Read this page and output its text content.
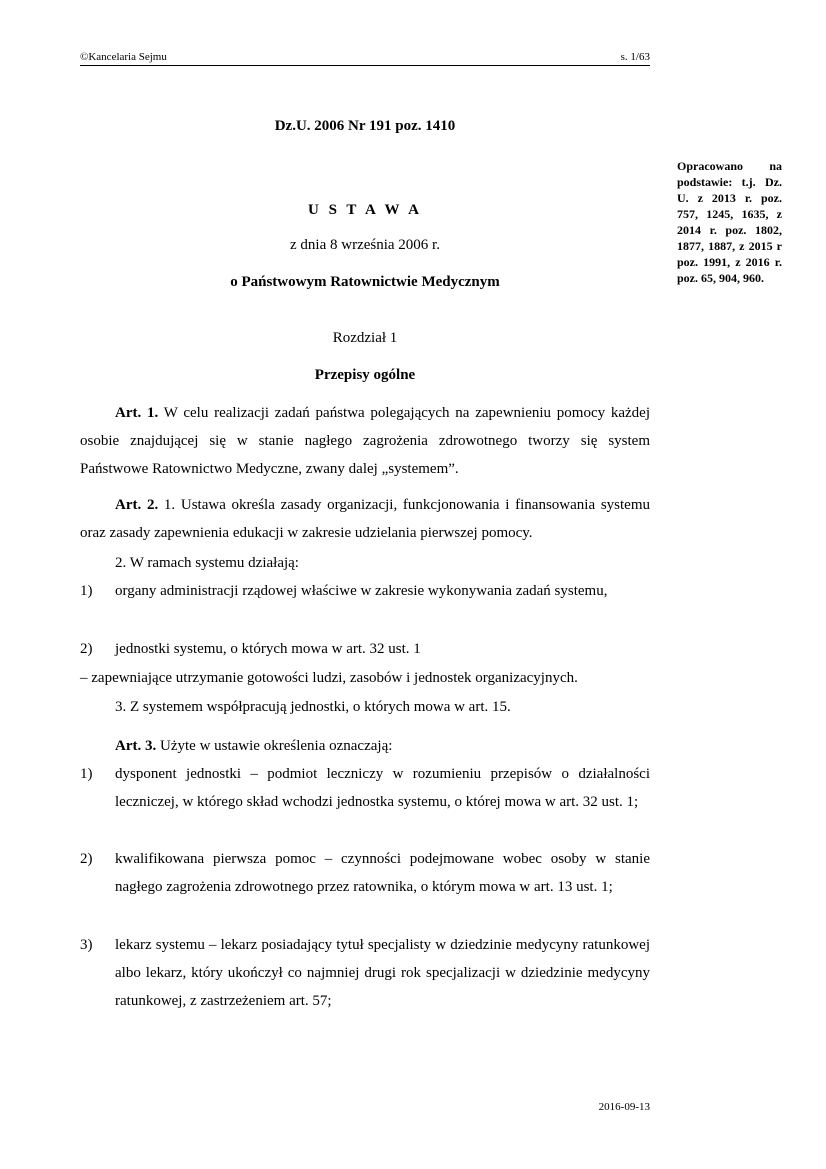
©Kancelaria Sejmu	s. 1/63
Dz.U. 2006 Nr 191 poz. 1410
Opracowano na podstawie: t.j. Dz. U. z 2013 r. poz. 757, 1245, 1635, z 2014 r. poz. 1802, 1877, 1887, z 2015 r poz. 1991, z 2016 r. poz. 65, 904, 960.
U S T A W A
z dnia 8 września 2006 r.
o Państwowym Ratownictwie Medycznym
Rozdział 1
Przepisy ogólne
Art. 1. W celu realizacji zadań państwa polegających na zapewnieniu pomocy każdej osobie znajdującej się w stanie nagłego zagrożenia zdrowotnego tworzy się system Państwowe Ratownictwo Medyczne, zwany dalej „systemem”.
Art. 2. 1. Ustawa określa zasady organizacji, funkcjonowania i finansowania systemu oraz zasady zapewnienia edukacji w zakresie udzielania pierwszej pomocy.
2. W ramach systemu działają:
1) organy administracji rządowej właściwe w zakresie wykonywania zadań systemu,
2) jednostki systemu, o których mowa w art. 32 ust. 1
– zapewniające utrzymanie gotowości ludzi, zasobów i jednostek organizacyjnych.
3. Z systemem współpracują jednostki, o których mowa w art. 15.
Art. 3. Użyte w ustawie określenia oznaczają:
1) dysponent jednostki – podmiot leczniczy w rozumieniu przepisów o działalności leczniczej, w którego skład wchodzi jednostka systemu, o której mowa w art. 32 ust. 1;
2) kwalifikowana pierwsza pomoc – czynności podejmowane wobec osoby w stanie nagłego zagrożenia zdrowotnego przez ratownika, o którym mowa w art. 13 ust. 1;
3) lekarz systemu – lekarz posiadający tytuł specjalisty w dziedzinie medycyny ratunkowej albo lekarz, który ukończył co najmniej drugi rok specjalizacji w dziedzinie medycyny ratunkowej, z zastrzeżeniem art. 57;
2016-09-13
